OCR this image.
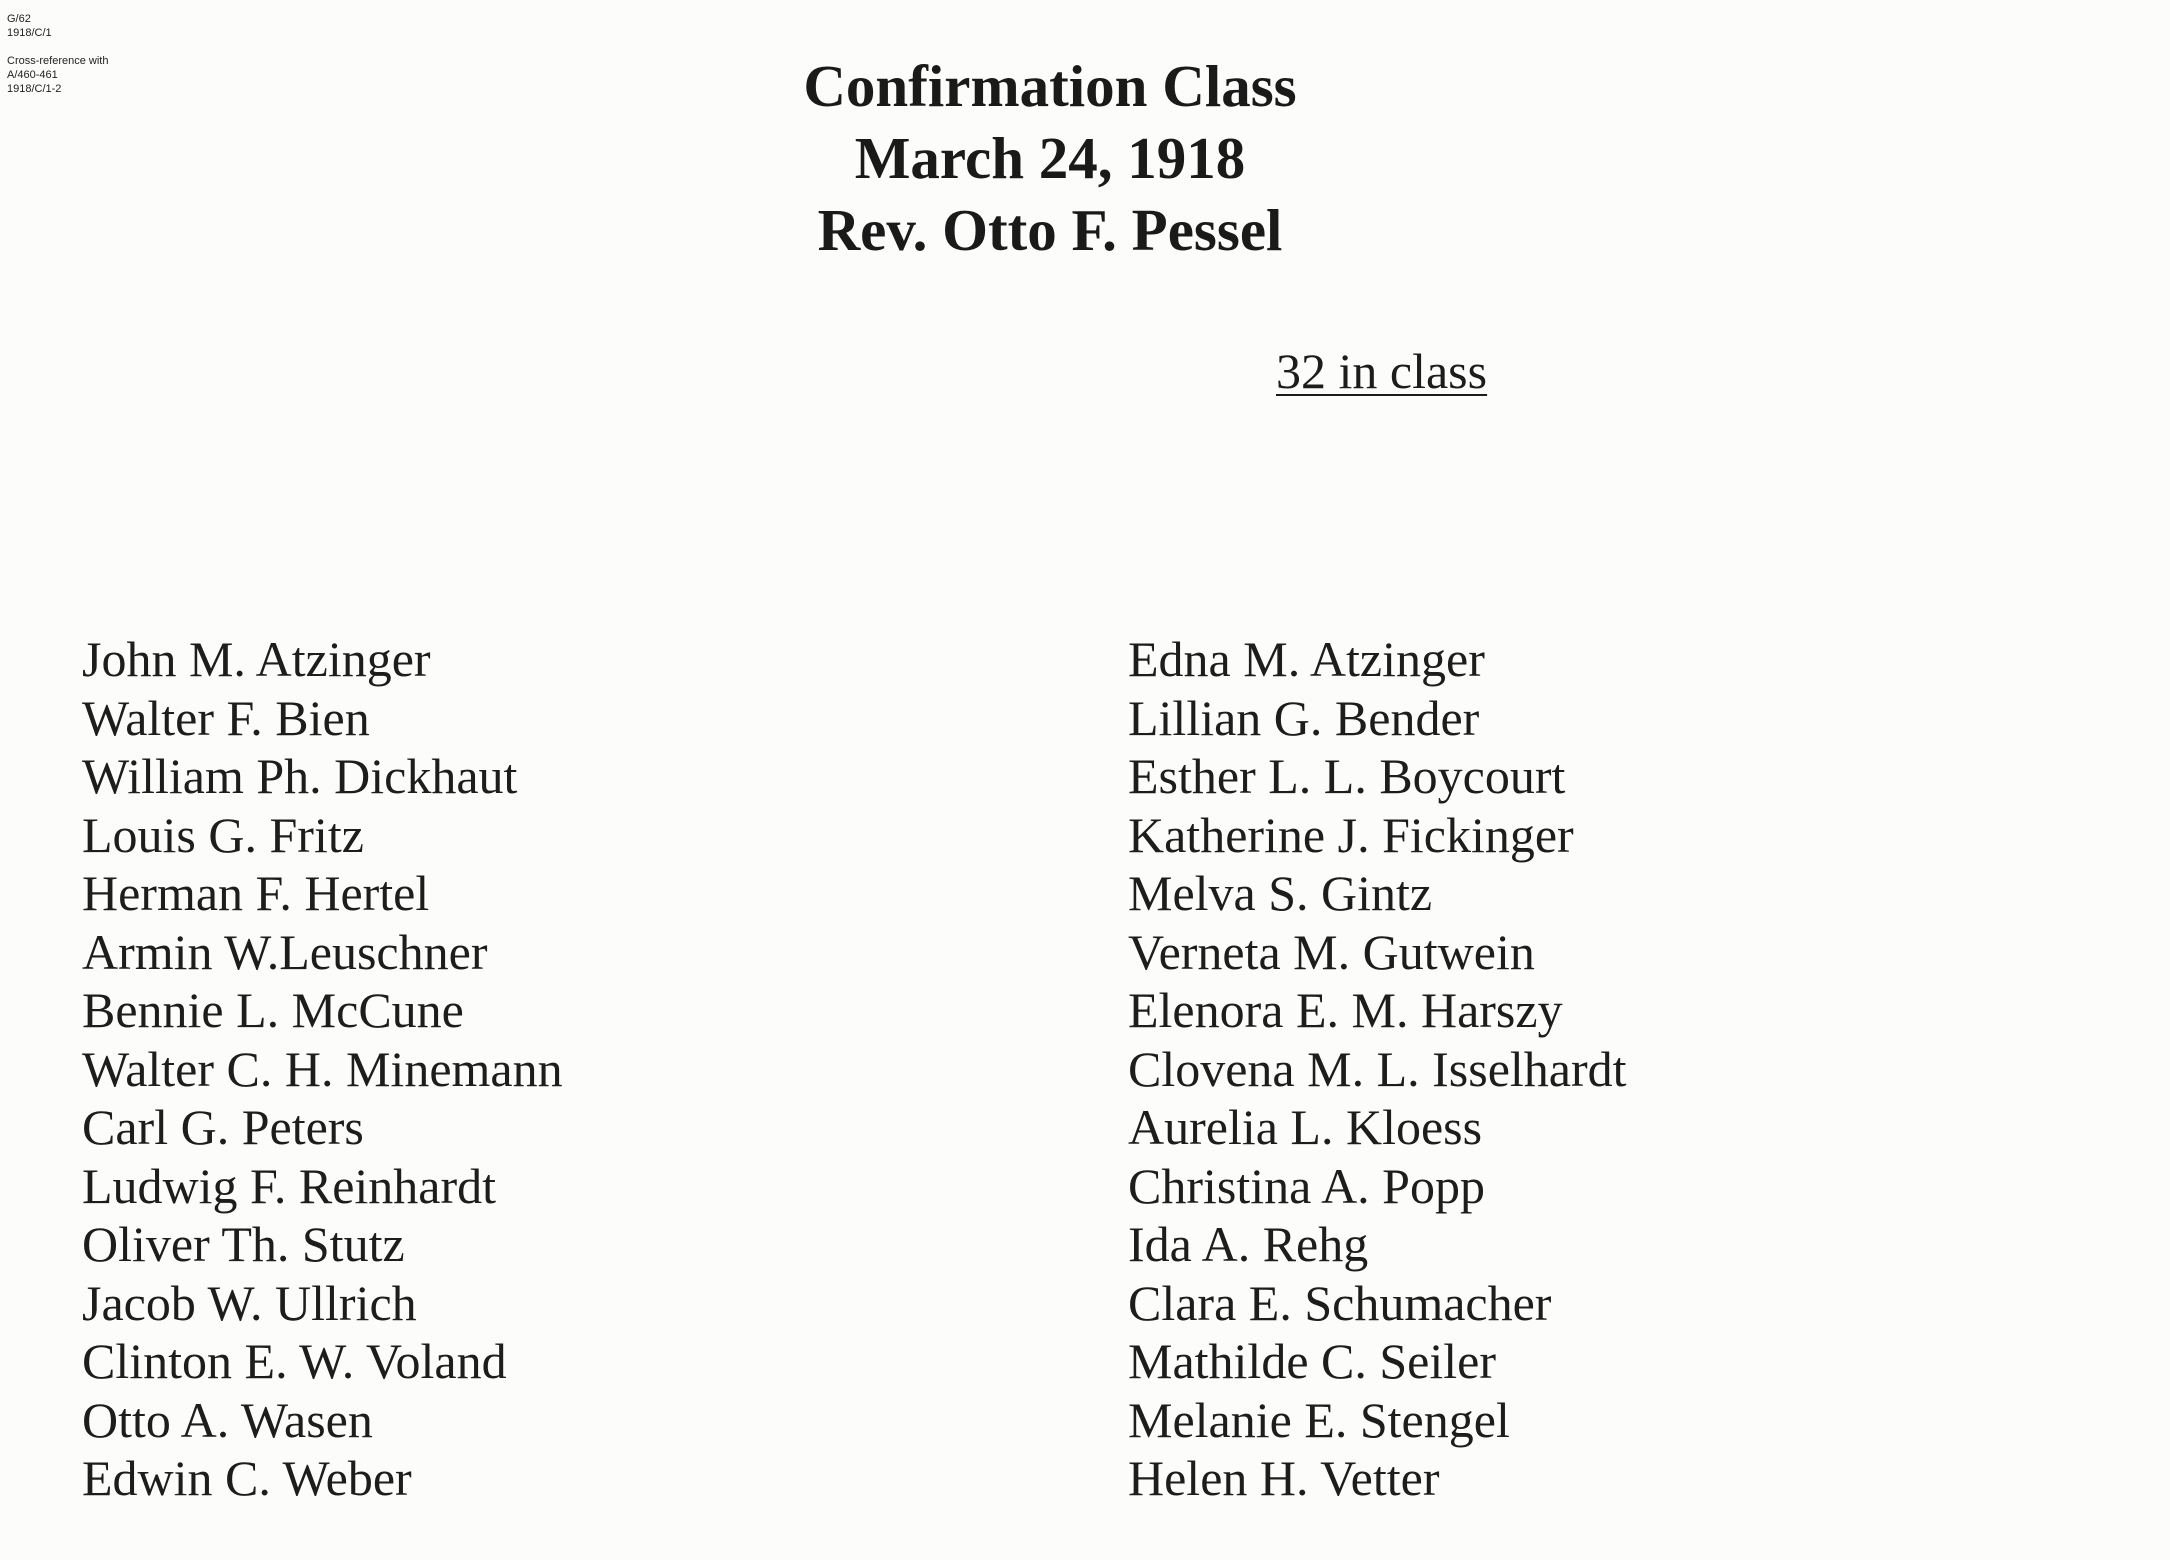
G/62
1918/C/1
Cross-reference with
A/460-461
1918/C/1-2	Confirmation Class
March 24, 1918
Rev. Otto F. Pessel
32 in class
John M. Atzinger
Walter F. Bien
William Ph. Dickhaut
Louis G. Fritz
Herman F. Hertel
Armin W.Leuschner
Bennie L. McCune
Walter C. H. Minemann
Carl G. Peters
Ludwig F. Reinhardt
Oliver Th. Stutz
Jacob W. Ullrich
Clinton E. W. Voland
Otto A. Wasen
Edwin C. Weber
Edna M. Atzinger
Lillian G. Bender
Esther L. L. Boycourt
Katherine J. Fickinger
Melva S. Gintz
Verneta M. Gutwein
Elenora E. M. Harszy
Clovena M. L. Isselhardt
Aurelia L. Kloess
Christina A. Popp
Ida A. Rehg
Clara E. Schumacher
Mathilde C. Seiler
Melanie E. Stengel
Helen H. Vetter
